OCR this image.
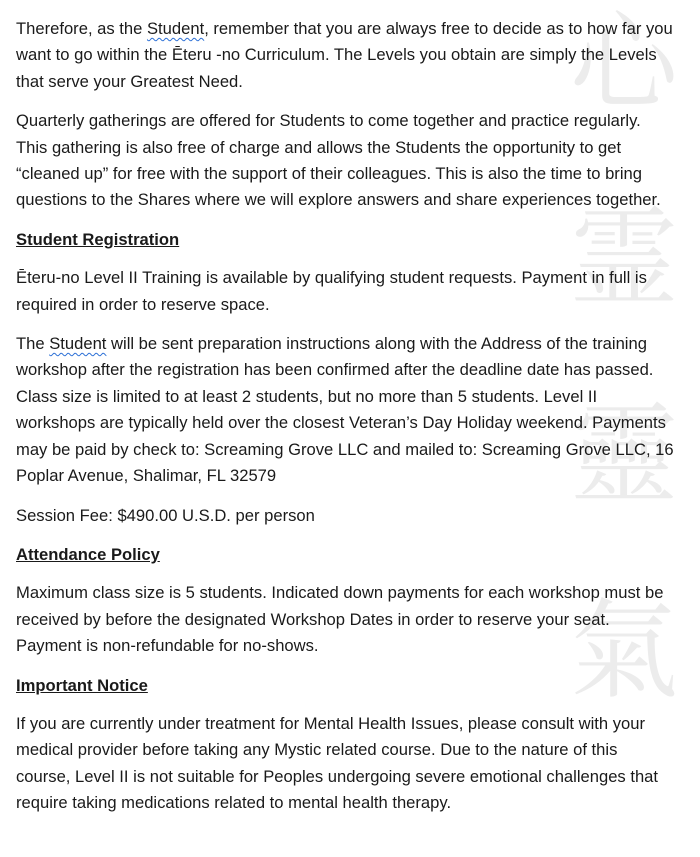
心
霊
靈
氣

Therefore, as the Student, remember that you are always free to decide as to how far you want to go within the Ēteru -no Curriculum. The Levels you obtain are simply the Levels that serve your Greatest Need.

Quarterly gatherings are offered for Students to come together and practice regularly. This gathering is also free of charge and allows the Students the opportunity to get “cleaned up” for free with the support of their colleagues. This is also the time to bring questions to the Shares where we will explore answers and share experiences together.

Student Registration

Ēteru-no Level II Training is available by qualifying student requests. Payment in full is required in order to reserve space.

The Student will be sent preparation instructions along with the Address of the training workshop after the registration has been confirmed after the deadline date has passed. Class size is limited to at least 2 students, but no more than 5 students. Level II workshops are typically held over the closest Veteran’s Day Holiday weekend. Payments may be paid by check to: Screaming Grove LLC and mailed to: Screaming Grove LLC, 16 Poplar Avenue, Shalimar, FL 32579

Session Fee: $490.00 U.S.D. per person

Attendance Policy

Maximum class size is 5 students. Indicated down payments for each workshop must be received by before the designated Workshop Dates in order to reserve your seat. Payment is non-refundable for no-shows.

Important Notice

If you are currently under treatment for Mental Health Issues, please consult with your medical provider before taking any Mystic related course. Due to the nature of this course, Level II is not suitable for Peoples undergoing severe emotional challenges that require taking medications related to mental health therapy.
